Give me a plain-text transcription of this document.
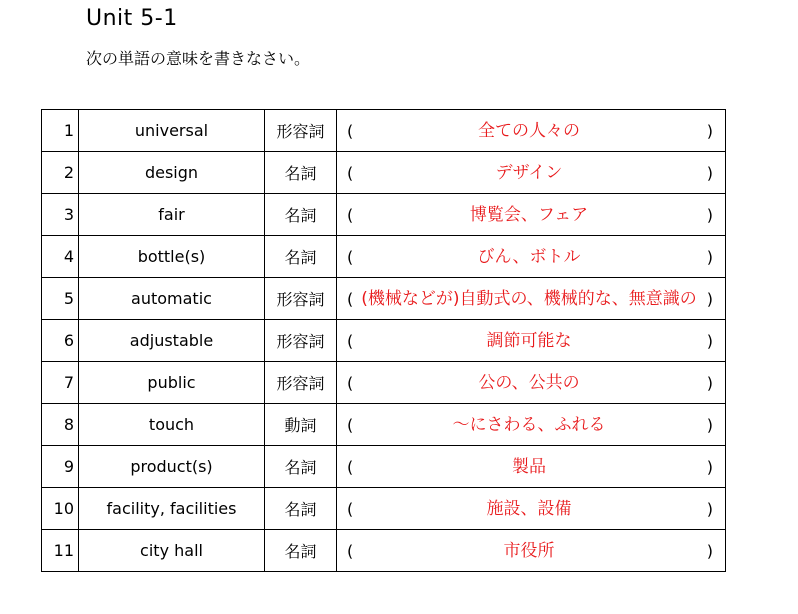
Unit 5-1
次の単語の意味を書きなさい。
1	universal	形容詞	( 全ての人々の )

2	design	名詞	( デザイン )

3	fair	名詞	( 博覧会、フェア )

4	bottle(s)	名詞	( びん、ボトル )

5	automatic	形容詞	( (機械などが)自動式の、機械的な、無意識の )

6	adjustable	形容詞	( 調節可能な )

7	public	形容詞	( 公の、公共の )

8	touch	動詞	( ～にさわる、ふれる )

9	product(s)	名詞	( 製品 )

10	facility, facilities	名詞	( 施設、設備 )

11	city hall	名詞	( 市役所 )
